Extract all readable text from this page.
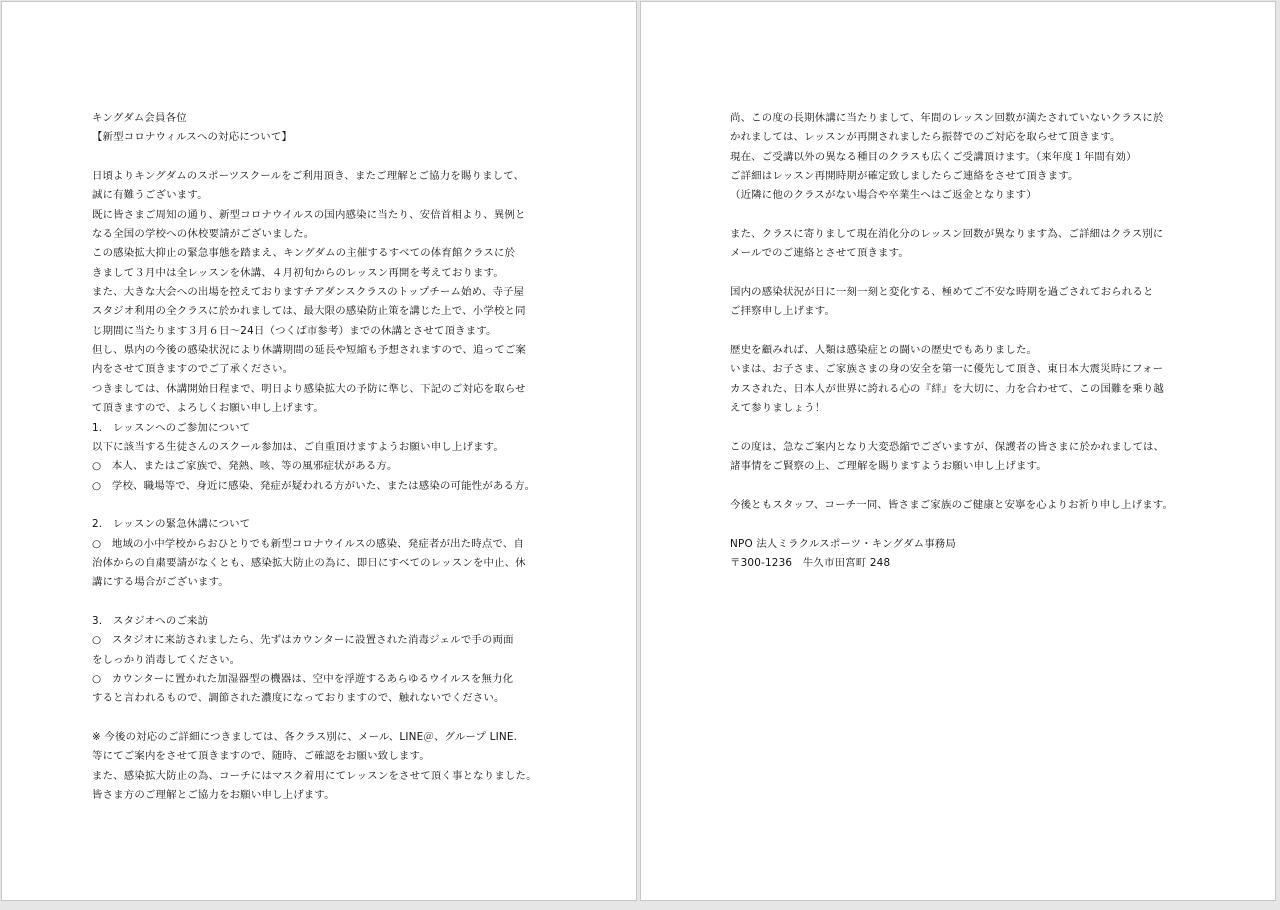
キングダム会員各位
【新型コロナウィルスへの対応について】
日頃よりキングダムのスポーツスクールをご利用頂き、またご理解とご協力を賜りまして、
誠に有難うございます。
既に皆さまご周知の通り、新型コロナウイルスの国内感染に当たり、安倍首相より、異例と
なる全国の学校への休校要請がございました。
この感染拡大抑止の緊急事態を踏まえ、キングダムの主催するすべての体育館クラスに於
きまして３月中は全レッスンを休講、４月初旬からのレッスン再開を考えております。
また、大きな大会への出場を控えておりますチアダンスクラスのトップチーム始め、寺子屋
スタジオ利用の全クラスに於かれましては、最大限の感染防止策を講じた上で、小学校と同
じ期間に当たります３月６日～24日（つくば市参考）までの休講とさせて頂きます。
但し、県内の今後の感染状況により休講期間の延長や短縮も予想されますので、追ってご案
内をさせて頂きますのでご了承ください。
つきましては、休講開始日程まで、明日より感染拡大の予防に準じ、下記のご対応を取らせ
て頂きますので、よろしくお願い申し上げます。
1.　レッスンへのご参加について
以下に該当する生徒さんのスクール参加は、ご自重頂けますようお願い申し上げます。
○　本人、またはご家族で、発熱、咳、等の風邪症状がある方。
○　学校、職場等で、身近に感染、発症が疑われる方がいた、または感染の可能性がある方。
2.　レッスンの緊急休講について
○　地域の小中学校からおひとりでも新型コロナウイルスの感染、発症者が出た時点で、自
治体からの自粛要請がなくとも、感染拡大防止の為に、即日にすべてのレッスンを中止、休
講にする場合がございます。
3.　スタジオへのご来訪
○　スタジオに来訪されましたら、先ずはカウンターに設置された消毒ジェルで手の両面
をしっかり消毒してください。
○　カウンターに置かれた加湿器型の機器は、空中を浮遊するあらゆるウイルスを無力化
すると言われるもので、調節された濃度になっておりますので、触れないでください。
※ 今後の対応のご詳細につきましては、各クラス別に、メール、LINE＠、グループ LINE.
等にてご案内をさせて頂きますので、随時、ご確認をお願い致します。
また、感染拡大防止の為、コーチにはマスク着用にてレッスンをさせて頂く事となりました。
皆さま方のご理解とご協力をお願い申し上げます。
尚、この度の長期休講に当たりまして、年間のレッスン回数が満たされていないクラスに於
かれましては、レッスンが再開されましたら振替でのご対応を取らせて頂きます。
現在、ご受講以外の異なる種目のクラスも広くご受講頂けます。（来年度１年間有効）
ご詳細はレッスン再開時期が確定致しましたらご連絡をさせて頂きます。
（近隣に他のクラスがない場合や卒業生へはご返金となります）
また、クラスに寄りまして現在消化分のレッスン回数が異なります為、ご詳細はクラス別に
メールでのご連絡とさせて頂きます。
国内の感染状況が日に一刻一刻と変化する、極めてご不安な時期を過ごされておられると
ご拝察申し上げます。
歴史を顧みれば、人類は感染症との闘いの歴史でもありました。
いまは、お子さま、ご家族さまの身の安全を第一に優先して頂き、東日本大震災時にフォー
カスされた、日本人が世界に誇れる心の『絆』を大切に、力を合わせて、この国難を乗り越
えて参りましょう！
この度は、急なご案内となり大変恐縮でございますが、保護者の皆さまに於かれましては、
諸事情をご賢察の上、ご理解を賜りますようお願い申し上げます。
今後ともスタッフ、コーチ一同、皆さまご家族のご健康と安寧を心よりお祈り申し上げます。
NPO 法人ミラクルスポーツ・キングダム事務局
〒300‐1236　牛久市田宮町 248
